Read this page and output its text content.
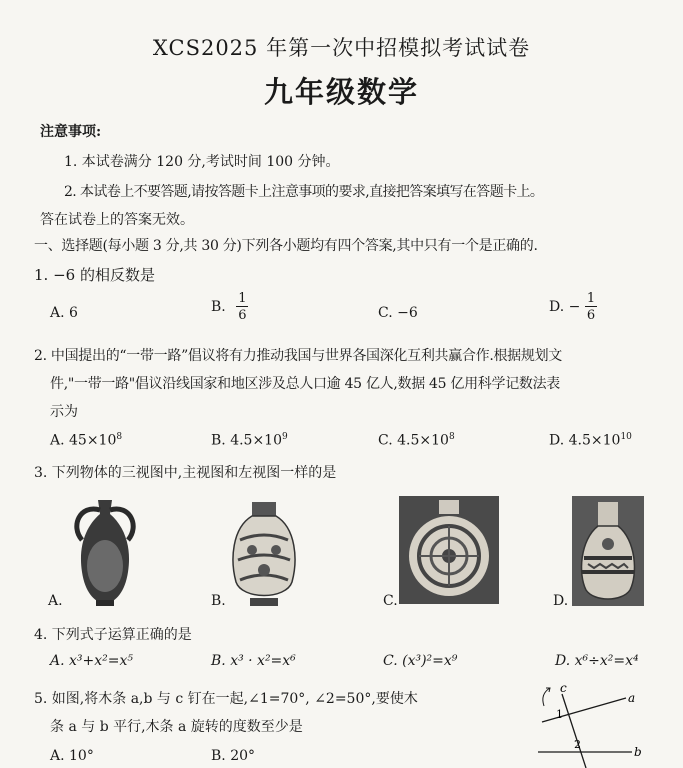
XCS2025 年第一次中招模拟考试试卷
九年级数学
注意事项:
1. 本试卷满分 120 分,考试时间 100 分钟。
2. 本试卷上不要答题,请按答题卡上注意事项的要求,直接把答案填写在答题卡上。
答在试卷上的答案无效。
一、选择题(每小题 3 分,共 30 分)下列各小题均有四个答案,其中只有一个是正确的.
1. −6 的相反数是
A. 6	B. $\frac{1}{6}$	C. −6	D. − $\frac{1}{6}$
2. 中国提出的“一带一路”倡议将有力推动我国与世界各国深化互利共赢合作.根据规划文
件,"一带一路"倡议沿线国家和地区涉及总人口逾 45 亿人,数据 45 亿用科学记数法表
示为
A. $45\times 10^8$	B. $4.5\times 10^9$	C. $4.5\times 10^8$	D. $4.5\times 10^{10}$
3. 下列物体的三视图中,主视图和左视图一样的是
A.	B.	C.	D.
4. 下列式子运算正确的是
A. x³+x²=x⁵	B. x³ · x²=x⁶	C. (x³)²=x⁹	D. x⁶÷x²=x⁴
5. 如图,将木条 a,b 与 c 钉在一起,∠1=70°, ∠2=50°,要使木
条 a 与 b 平行,木条 a 旋转的度数至少是
A. 10°	B. 20°
c
a
b
1
2
